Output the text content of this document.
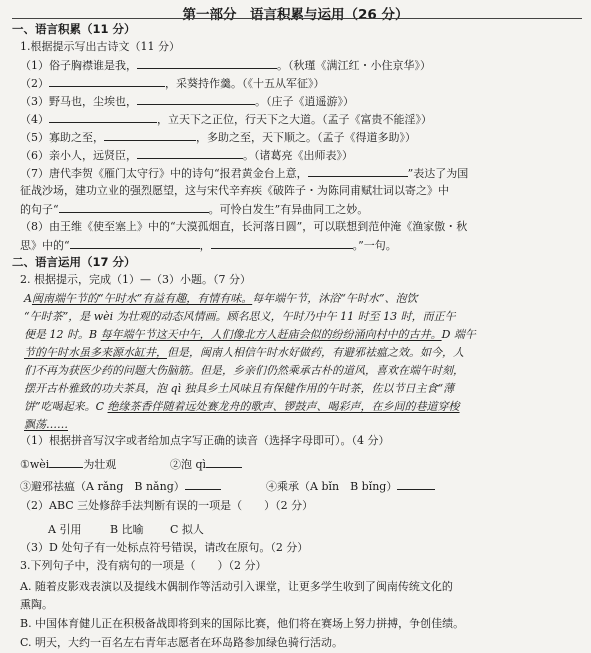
第一部分　语言积累与运用（26 分）
一、语言积累（11 分）
1.根据提示写出古诗文（11 分）
（1）俗子胸襟谁是我，	。（秋瑾《满江红・小住京华》）
（2）	，采葵持作羹。（《十五从军征》）
（3）野马也，尘埃也，	。（庄子《逍遥游》）
（4）	，立天下之正位，行天下之大道。（孟子《富贵不能淫》）
（5）寡助之至，	，多助之至，天下顺之。（孟子《得道多助》）
（6）亲小人，远贤臣，	。（诸葛亮《出师表》）
（7）唐代李贺《雁门太守行》中的诗句“报君黄金台上意，	”表达了为国
征战沙场，建功立业的强烈愿望，这与宋代辛弃疾《破阵子・为陈同甫赋壮词以寄之》中
的句子“	。可怜白发生”有异曲同工之妙。
（8）由王维《使至塞上》中的“大漠孤烟直，长河落日圆”，可以联想到范仲淹《渔家傲・秋
思》中的“	，	。”一句。
二、语言运用（17 分）
2. 根据提示，完成（1）—（3）小题。（7 分）
A闽南端午节的“午时水”有益有趣，有情有味。每年端午节，沐浴“午时水”、泡饮
“午时茶”，是 wèi 为壮观的动态风情画。顾名思义，午时乃中午 11 时至 13 时，而正午
便是 12 时。B 每年端午节这天中午，人们像北方人赶庙会似的纷纷涌向村中的古井。D 端午
节的午时水虽多来源水缸井，但是，闽南人相信午时水好做药，有避邪祛瘟之效。如今，人
们不再为获医少药的问题大伤脑筋。但是，乡亲们仍然乘承古朴的道风，喜欢在端午时刻，
摆开古朴雅致的功夫茶具，泡 qì 独具乡土风味且有保健作用的午时茶，佐以节日主食“薄
饼”吃喝起来。C 绝缘茶香伴随着远处赛龙舟的歌声、锣鼓声、喝彩声，在乡间的巷道穿梭
飘荡……
（1）根据拼音写汉字或者给加点字写正确的读音（选择字母即可）。（4 分）
①wèi	为壮观	②泡 qì
③避邪祛瘟（A rǎng　B nǎng）	④乘承（A bǐn　B bǐng）
（2）ABC 三处修辞手法判断有误的一项是（　　）（2 分）
A 引用	B 比喻 C 拟人
（3）D 处句子有一处标点符号错误，请改在原句。（2 分）
3.下列句子中，没有病句的一项是（　　）（2 分）
A. 随着皮影戏表演以及提线木偶制作等活动引入课堂，让更多学生收到了闽南传统文化的
熏陶。
B. 中国体育健儿正在积极备战即将到来的国际比赛，他们将在赛场上努力拼搏，争创佳绩。
C. 明天，大约一百名左右青年志愿者在环岛路参加绿色骑行活动。
